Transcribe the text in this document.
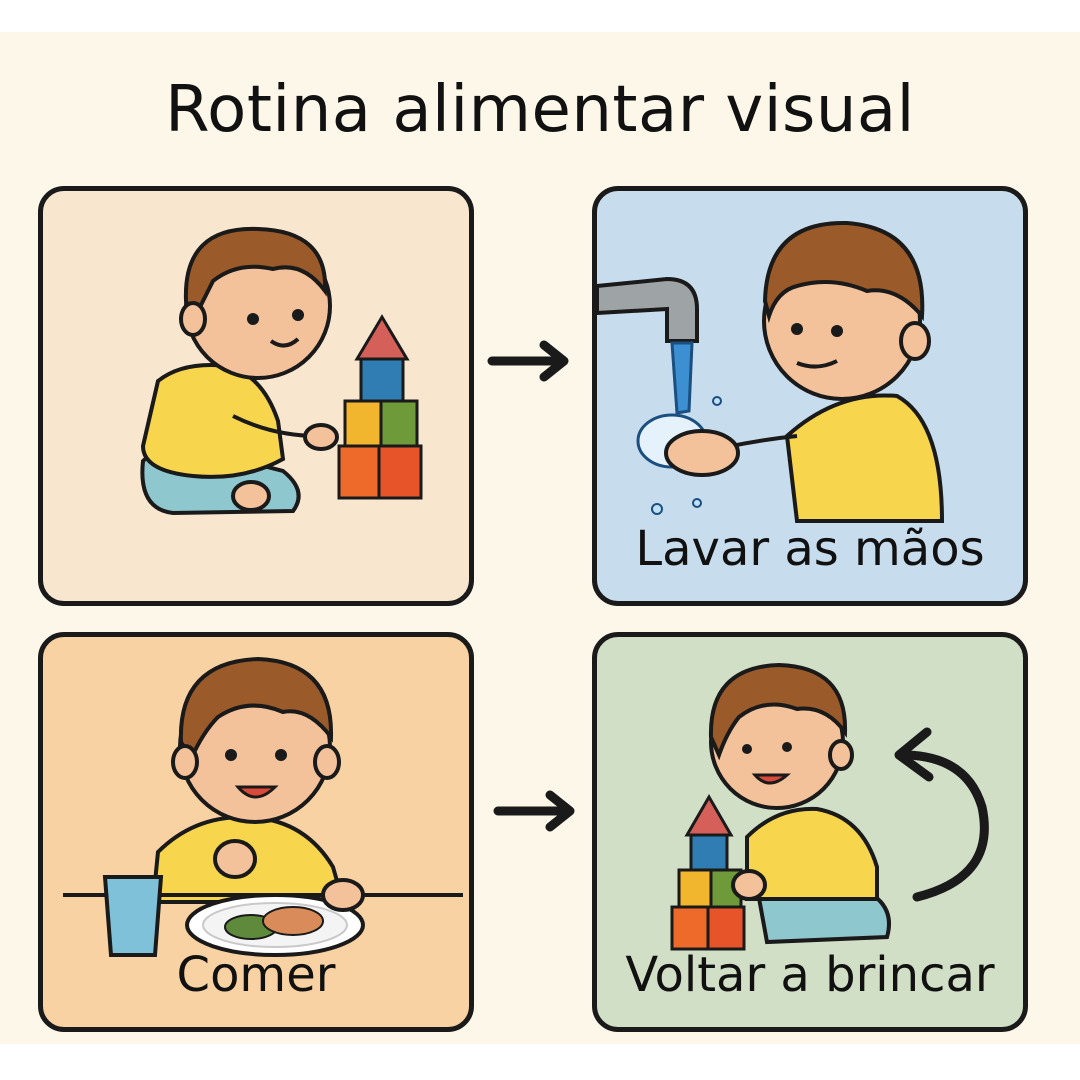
Rotina alimentar visual
Lavar as mãos
Comer	Voltar a brincar
